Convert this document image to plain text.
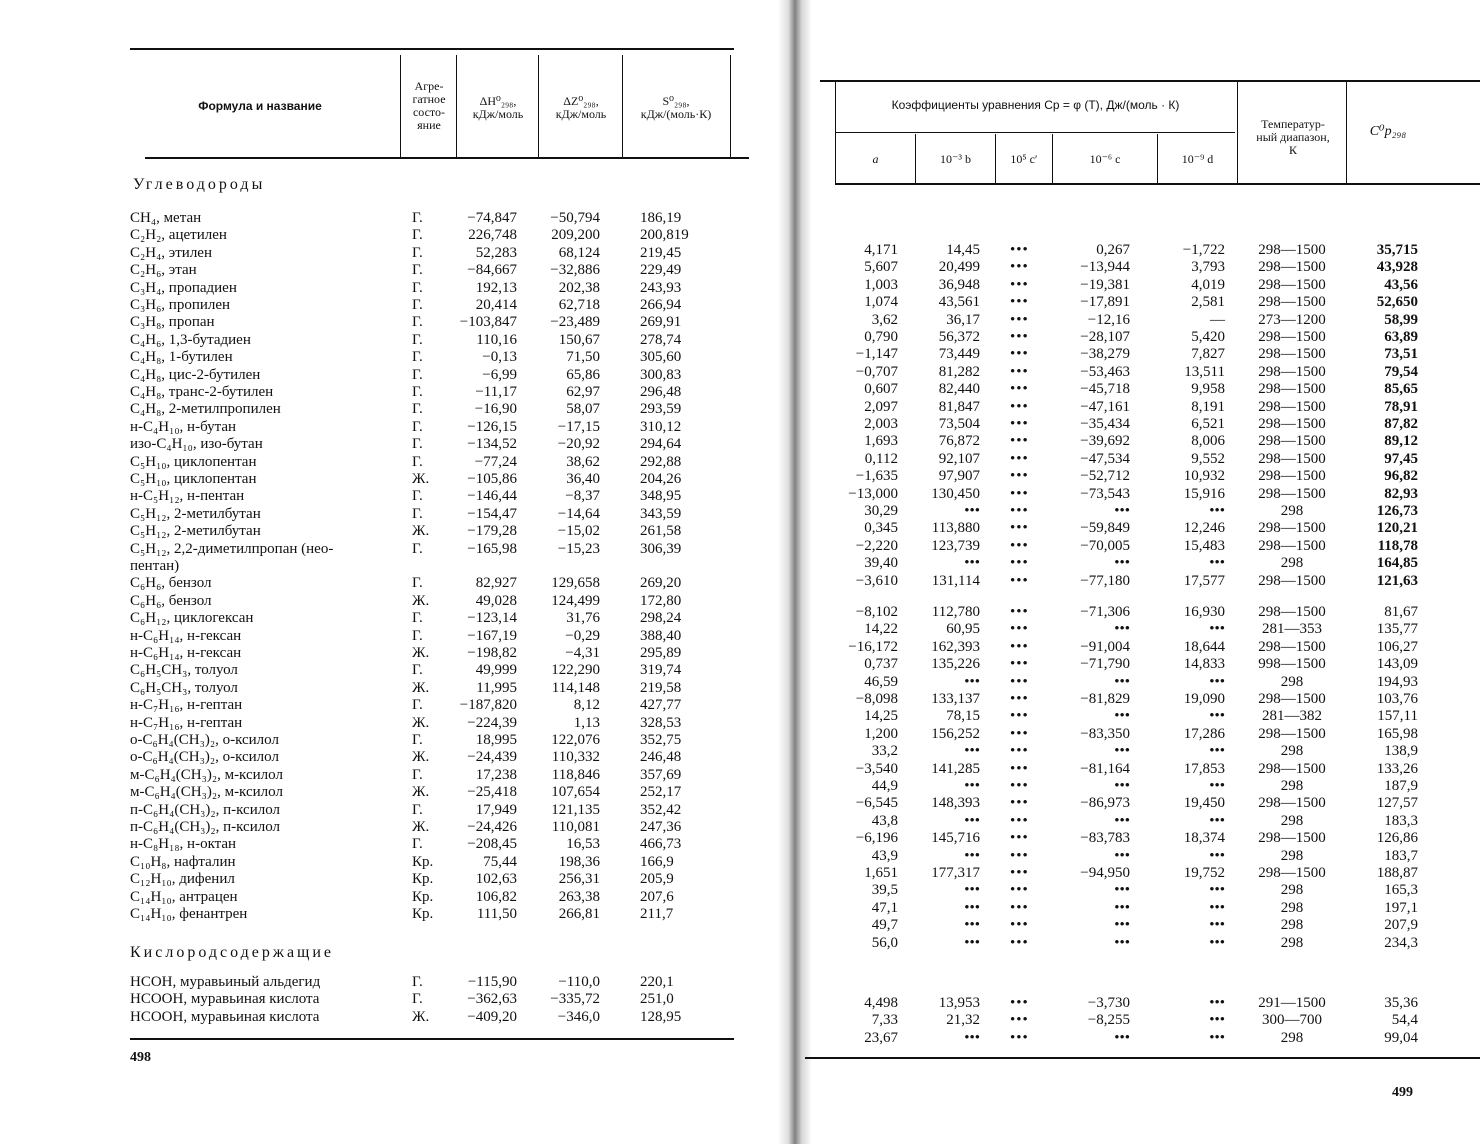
Формула и название
Агре-
гатное
состо-
яние
ΔH⁰₂₉₈,
кДж/моль
ΔZ⁰₂₉₈,
кДж/моль
S⁰₂₉₈,
кДж/(моль·К)
Углеводороды
CH₄, метан	Г.	−74,847 −50,794	186,19
C₂H₂, ацетилен	Г.	226,748 209,200	200,819
C₂H₄, этилен	Г.	52,283	68,124	219,45
C₂H₆, этан	Г.	−84,667 −32,886	229,49
C₃H₄, пропадиен	Г.	192,13	202,38	243,93
C₃H₆, пропилен	Г.	20,414	62,718	266,94
C₃H₈, пропан	Г. −103,847 −23,489	269,91
C₄H₆, 1,3-бутадиен	Г.	110,16	150,67	278,74
C₄H₈, 1-бутилен	Г.	−0,13	71,50	305,60
C₄H₈, цис-2-бутилен	Г.	−6,99	65,86	300,83
C₄H₈, транс-2-бутилен	Г.	−11,17	62,97	296,48
C₄H₈, 2-метилпропилен	Г.	−16,90	58,07	293,59
н-C₄H₁₀, н-бутан	Г.	−126,15	−17,15	310,12
изо-C₄H₁₀, изо-бутан	Г.	−134,52	−20,92	294,64
C₅H₁₀, циклопентан	Г.	−77,24	38,62	292,88
C₅H₁₀, циклопентан	Ж.	−105,86	36,40	204,26
н-C₅H₁₂, н-пентан	Г.	−146,44	−8,37	348,95
C₅H₁₂, 2-метилбутан	Г.	−154,47	−14,64	343,59
C₅H₁₂, 2-метилбутан	Ж.	−179,28	−15,02	261,58
C₅H₁₂, 2,2-диметилпропан (нео-	Г.	−165,98	−15,23	306,39
пентан)
C₆H₆, бензол	Г.	82,927 129,658	269,20
C₆H₆, бензол	Ж.	49,028 124,499	172,80
C₆H₁₂, циклогексан	Г.	−123,14	31,76	298,24
н-C₆H₁₄, н-гексан	Г.	−167,19	−0,29	388,40
н-C₆H₁₄, н-гексан	Ж.	−198,82	−4,31	295,89
C₆H₅CH₃, толуол	Г.	49,999 122,290	319,74
C₆H₅CH₃, толуол	Ж.	11,995 114,148	219,58
н-C₇H₁₆, н-гептан	Г. −187,820	8,12	427,77
н-C₇H₁₆, н-гептан	Ж.	−224,39	1,13	328,53
о-C₆H₄(CH₃)₂, о-ксилол	Г.	18,995 122,076	352,75
о-C₆H₄(CH₃)₂, о-ксилол	Ж.	−24,439 110,332	246,48
м-C₆H₄(CH₃)₂, м-ксилол	Г.	17,238 118,846	357,69
м-C₆H₄(CH₃)₂, м-ксилол	Ж.	−25,418 107,654	252,17
п-C₆H₄(CH₃)₂, п-ксилол	Г.	17,949 121,135	352,42
п-C₆H₄(CH₃)₂, п-ксилол	Ж.	−24,426 110,081	247,36
н-C₈H₁₈, н-октан	Г.	−208,45	16,53	466,73
C₁₀H₈, нафталин	Кр.	75,44	198,36	166,9
C₁₂H₁₀, дифенил	Кр.	102,63	256,31	205,9
C₁₄H₁₀, антрацен	Кр.	106,82	263,38	207,6
C₁₄H₁₀, фенантрен	Кр.	111,50	266,81	211,7
Кислородсодержащие
HCOH, муравьиный альдегид	Г.	−115,90	−110,0	220,1
HCOOH, муравьиная кислота	Г.	−362,63 −335,72	251,0
HCOOH, муравьиная кислота	Ж.	−409,20	−346,0	128,95
498
Коэффициенты уравнения Cp = φ (T), Дж/(моль · К)
a	10⁻³ b	10⁵ c′	10⁻⁶ c	10⁻⁹ d
Температур-
ный диапазон,
К
C⁰p₂₉₈
4,171	14,45 •••	0,267	−1,722	298—1500	35,715
5,607	20,499 •••	−13,944	3,793	298—1500	43,928
1,003	36,948 •••	−19,381	4,019	298—1500	43,56
1,074	43,561 •••	−17,891	2,581	298—1500	52,650
3,62	36,17 •••	−12,16	—	273—1200	58,99
0,790	56,372 •••	−28,107	5,420	298—1500	63,89
−1,147	73,449 •••	−38,279	7,827	298—1500	73,51
−0,707	81,282 •••	−53,463	13,511	298—1500	79,54
0,607	82,440 •••	−45,718	9,958	298—1500	85,65
2,097	81,847 •••	−47,161	8,191	298—1500	78,91
2,003	73,504 •••	−35,434	6,521	298—1500	87,82
1,693	76,872 •••	−39,692	8,006	298—1500	89,12
0,112	92,107 •••	−47,534	9,552	298—1500	97,45
−1,635	97,907 •••	−52,712	10,932	298—1500	96,82
−13,000 130,450 •••	−73,543	15,916	298—1500	82,93
30,29	••• •••	•••	•••	298	126,73
0,345 113,880 •••	−59,849	12,246	298—1500	120,21
−2,220 123,739 •••	−70,005	15,483	298—1500	118,78
39,40	••• •••	•••	•••	298	164,85
−3,610 131,114 •••	−77,180	17,577	298—1500	121,63
−8,102 112,780 •••	−71,306	16,930	298—1500	81,67
14,22	60,95 •••	•••	•••	281—353	135,77
−16,172 162,393 •••	−91,004	18,644	298—1500	106,27
0,737 135,226 •••	−71,790	14,833	998—1500	143,09
46,59	••• •••	•••	•••	298	194,93
−8,098 133,137 •••	−81,829	19,090	298—1500	103,76
14,25	78,15 •••	•••	•••	281—382	157,11
1,200 156,252 •••	−83,350	17,286	298—1500	165,98
33,2	••• •••	•••	•••	298	138,9
−3,540 141,285 •••	−81,164	17,853	298—1500	133,26
44,9	••• •••	•••	•••	298	187,9
−6,545 148,393 •••	−86,973	19,450	298—1500	127,57
43,8	••• •••	•••	•••	298	183,3
−6,196 145,716 •••	−83,783	18,374	298—1500	126,86
43,9	••• •••	•••	•••	298	183,7
1,651 177,317 •••	−94,950	19,752	298—1500	188,87
39,5	••• •••	•••	•••	298	165,3
47,1	••• •••	•••	•••	298	197,1
49,7	••• •••	•••	•••	298	207,9
56,0	••• •••	•••	•••	298	234,3
4,498	13,953 •••	−3,730	•••	291—1500	35,36
7,33	21,32 •••	−8,255	•••	300—700	54,4
23,67	••• •••	•••	•••	298	99,04
499
